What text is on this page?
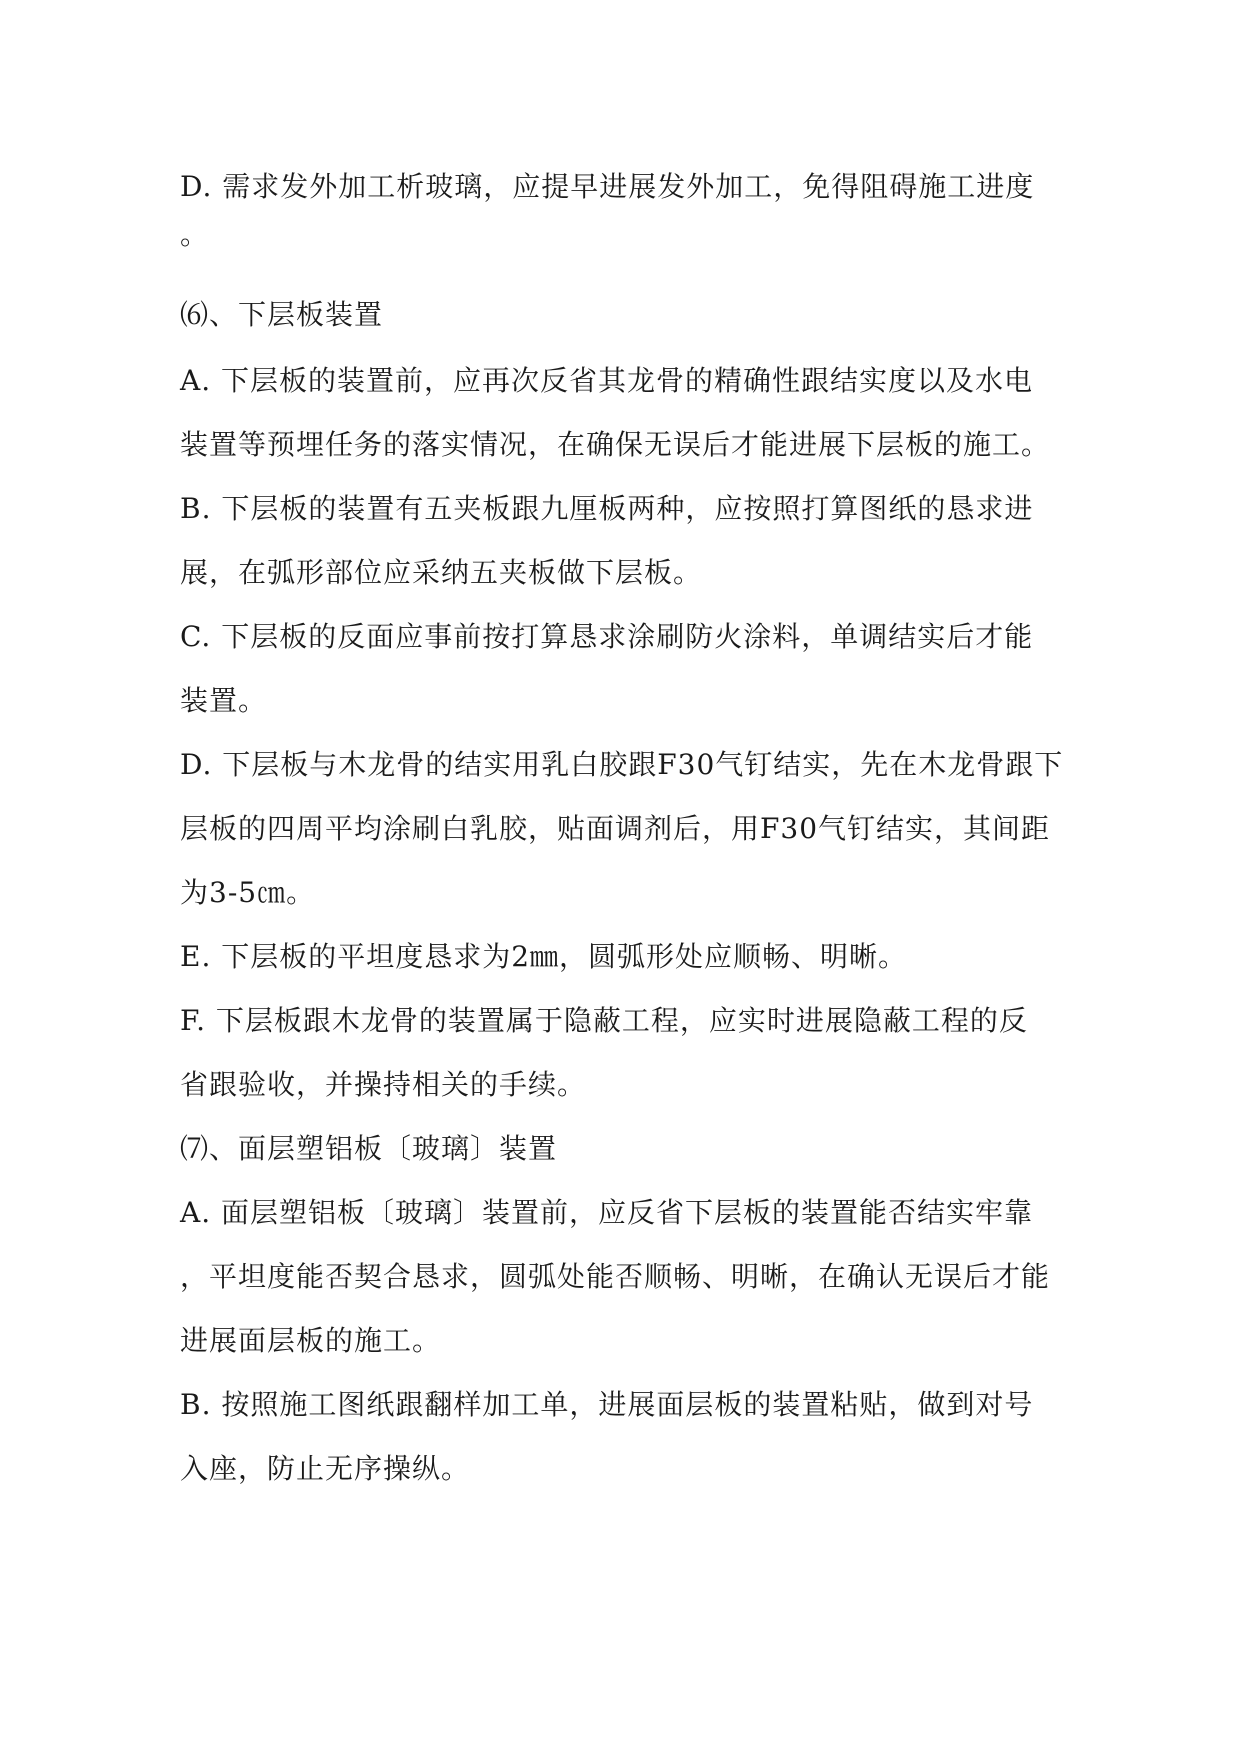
D. 需求发外加工析玻璃，应提早进展发外加工，免得阻碍施工进度
。
⑹、下层板装置
A. 下层板的装置前，应再次反省其龙骨的精确性跟结实度以及水电
装置等预埋任务的落实情况，在确保无误后才能进展下层板的施工。
B. 下层板的装置有五夹板跟九厘板两种，应按照打算图纸的恳求进
展，在弧形部位应采纳五夹板做下层板。
C. 下层板的反面应事前按打算恳求涂刷防火涂料，单调结实后才能
装置。
D. 下层板与木龙骨的结实用乳白胶跟F30气钉结实，先在木龙骨跟下
层板的四周平均涂刷白乳胶，贴面调剂后，用F30气钉结实，其间距
为3-5㎝。
E. 下层板的平坦度恳求为2㎜，圆弧形处应顺畅、明晰。
F. 下层板跟木龙骨的装置属于隐蔽工程，应实时进展隐蔽工程的反
省跟验收，并操持相关的手续。
⑺、面层塑铝板〔玻璃〕装置
A. 面层塑铝板〔玻璃〕装置前，应反省下层板的装置能否结实牢靠
，平坦度能否契合恳求，圆弧处能否顺畅、明晰，在确认无误后才能
进展面层板的施工。
B. 按照施工图纸跟翻样加工单，进展面层板的装置粘贴，做到对号
入座，防止无序操纵。
